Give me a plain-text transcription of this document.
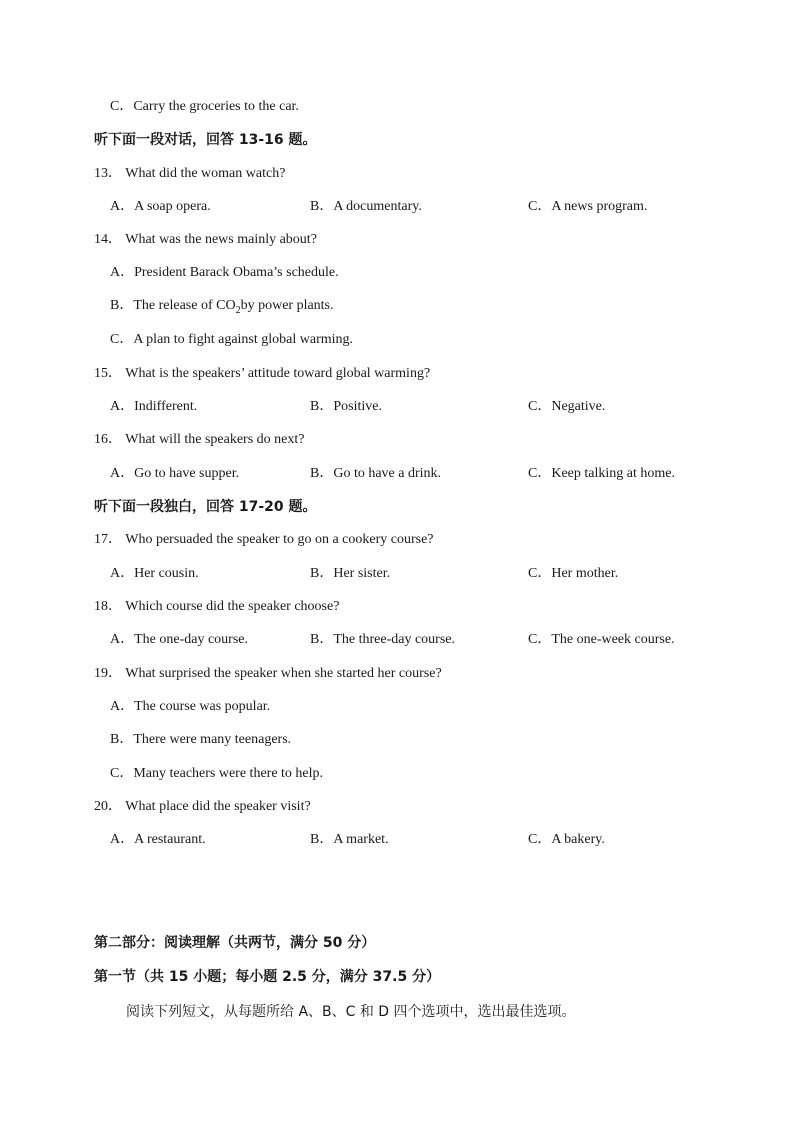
C．Carry the groceries to the car.
听下面一段对话，回答 13-16 题。
13． What did the woman watch?
A．A soap opera.	B．A documentary.	C．A news program.
14． What was the news mainly about?
A．President Barack Obama’s schedule.
B．The release of $CO_2by$ power plants.
C．A plan to fight against global warming.
15． What is the speakers’ attitude toward global warming?
A．Indifferent.	B．Positive.	C．Negative.
16． What will the speakers do next?
A．Go to have supper.	B．Go to have a drink.	C．Keep talking at home.
听下面一段独白，回答 17-20 题。
17． Who persuaded the speaker to go on a cookery course?
A．Her cousin.	B．Her sister.	C．Her mother.
18． Which course did the speaker choose?
A．The one-day course.	B．The three-day course.	C．The one-week course.
19． What surprised the speaker when she started her course?
A．The course was popular.
B．There were many teenagers.
C．Many teachers were there to help.
20． What place did the speaker visit?
A．A restaurant.	B．A market.	C．A bakery.
第二部分：阅读理解（共两节，满分 50 分）
第一节（共 15 小题；每小题 2.5 分，满分 37.5 分）
阅读下列短文，从每题所给 A、B、C 和 D 四个选项中，选出最佳选项。
